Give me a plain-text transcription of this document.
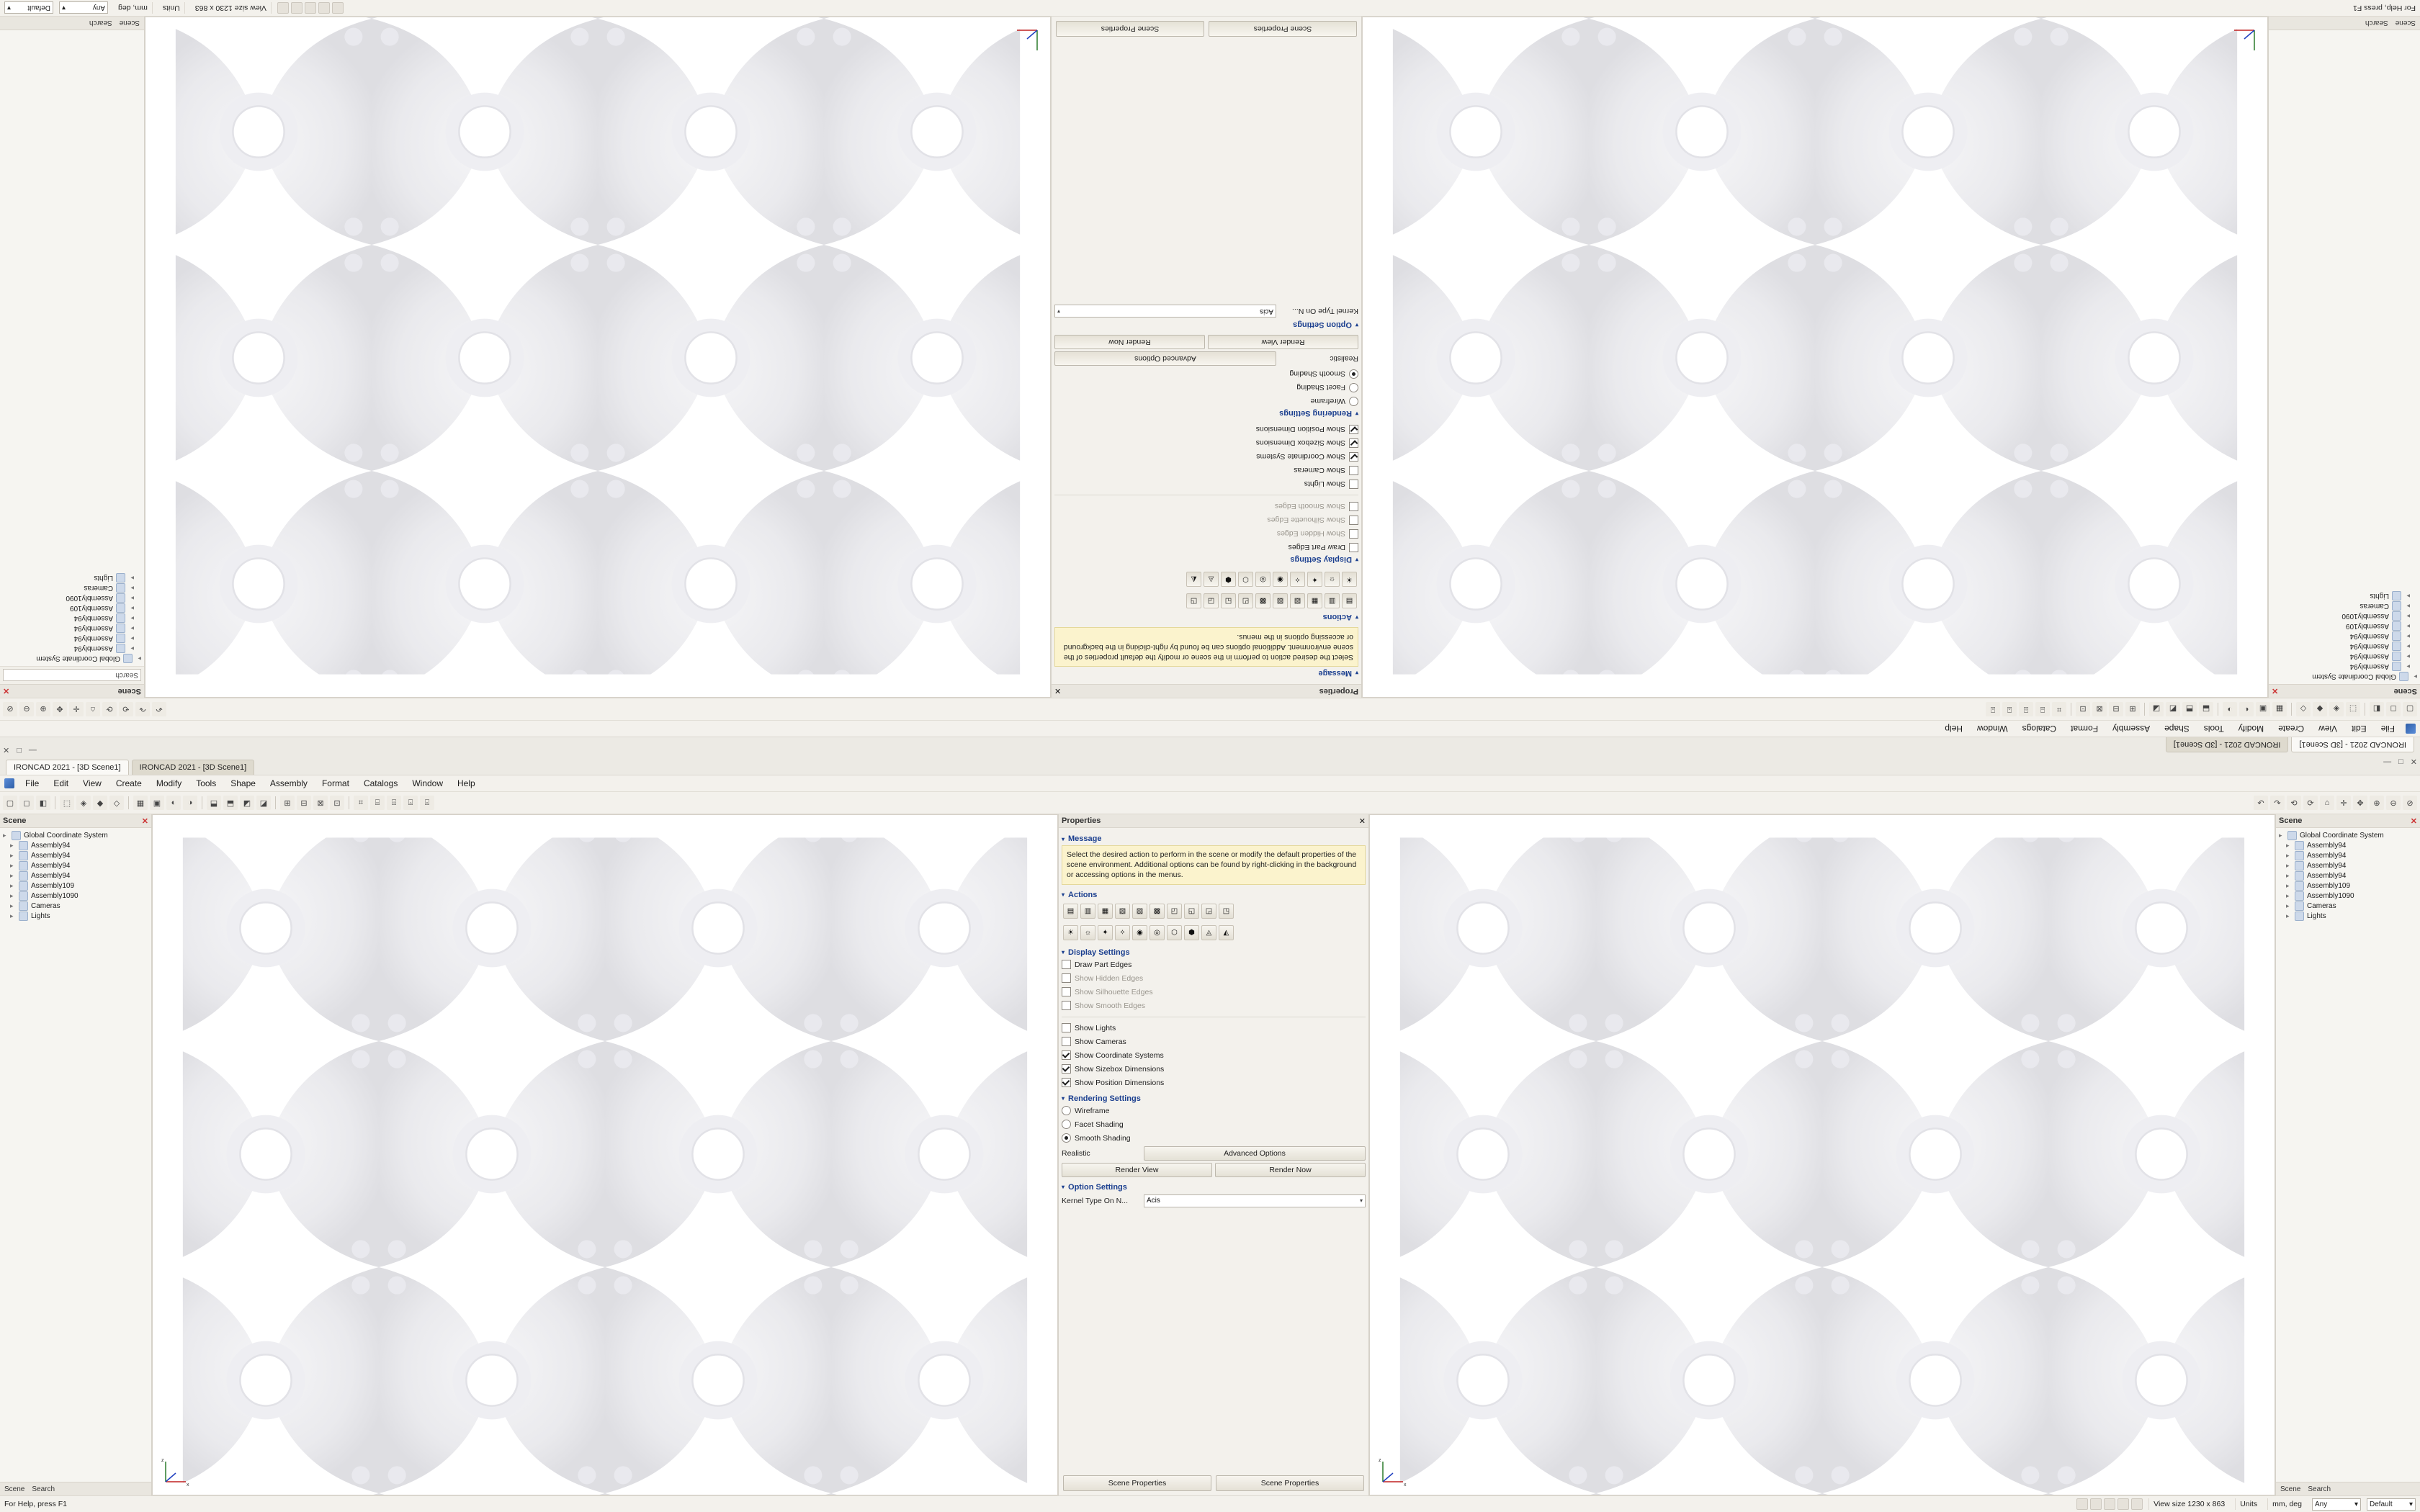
IRONCAD 2021 - [3D Scene1]	IRONCAD 2021 - [3D Scene1]
File	Edit	View	Create	Modify	Tools	Shape	Assembly	Format	Catalogs	Window	Help
— □ ✕
▢	◻	◧	⬚	◈	◆	◇	▦	▣	◐	◑	⬓	⬒	◩	◪	⊞	⊟	⊠	⊡	⌗	⌸	⌹	⌺	⌻	↶	↷	⟲	⟳	⌂	✛	✥	⊕	⊖	⊘
Scene	✕
▸	Global Coordinate System
▸	Assembly94
▸	Assembly94
▸	Assembly94
▸	Assembly94
▸	Assembly109
▸	Assembly1090
▸	Cameras
▸	Lights
Scene Search
z
x
Properties	✕
▾ Message
Select the desired action to perform in the scene or modify the default properties of the scene environment. Additional options can be found by right-clicking in the background or accessing options in the menus.
▾ Actions
▤	▥	▦	▧	▨	▩	◰	◱	◲	◳
☀	☼	✦	✧	◉	◎	⬡	⬢	◬	◭
▾ Display Settings
Draw Part Edges
Show Hidden Edges
Show Silhouette Edges
Show Smooth Edges
Show Lights
Show Cameras
Show Coordinate Systems
Show Sizebox Dimensions
Show Position Dimensions
▾ Rendering Settings
Wireframe
Facet Shading
Smooth Shading
Realistic	Advanced Options
Render View	Render Now
▾ Option Settings
Kernel Type On N...	Acis	▾
Scene Properties	Scene Properties
z
x
Scene	✕
▸	Global Coordinate System
▸	Assembly94
▸	Assembly94
▸	Assembly94
▸	Assembly94
▸	Assembly109
▸	Assembly1090
▸	Cameras
▸	Lights
Scene Search
For Help, press F1	View size 1230 x 863	Units	mm, deg	Any	▾ Default ▾
IRONCAD 2021 - [3D Scene1]
IRONCAD 2021 - [3D Scene1]
File
Edit
View
Create
Modify
Tools
Shape
Assembly
Format
Catalogs
Window
Help
—
□
✕
▢
◻
◧
⬚
◈
◆
◇
▦
▣
◐
◑
⬓
⬒
◩
◪
⊞
⊟
⊠
⊡
⌗
⌸
⌹
⌺
⌻
↶
↷
⟲
⟳
⌂
✛
✥
⊕
⊖
⊘
Scene
✕
▸
Global Coordinate System
▸
Assembly94
▸
Assembly94
▸
Assembly94
▸
Assembly94
▸
Assembly109
▸
Assembly1090
▸
Cameras
▸
Lights
Scene
Search
Properties
✕
▾
Message
Select the desired action to perform in the scene or modify the default properties of the scene environment. Additional options can be found by right-clicking in the background or accessing options in the menus.
▾
Actions
▤
▥
▦
▧
▨
▩
◰
◱
◲
◳
☀
☼
✦
✧
◉
◎
⬡
⬢
◬
◭
▾
Display Settings
Draw Part Edges
Show Hidden Edges
Show Silhouette Edges
Show Smooth Edges
Show Lights
Show Cameras
Show Coordinate Systems
Show Sizebox Dimensions
Show Position Dimensions
▾
Rendering Settings
Wireframe
Facet Shading
Smooth Shading
Realistic
Advanced Options
Render View
Render Now
▾
Option Settings
Kernel Type On N...
Acis
▾
Scene Properties
Scene Properties
Scene
✕
Search
▸
Global Coordinate System
▸
Assembly94
▸
Assembly94
▸
Assembly94
▸
Assembly94
▸
Assembly109
▸
Assembly1090
▸
Cameras
▸
Lights
Scene
Search
For Help, press F1
View size 1230 x 863
Units
mm, deg
Any
▾
Default
▾
